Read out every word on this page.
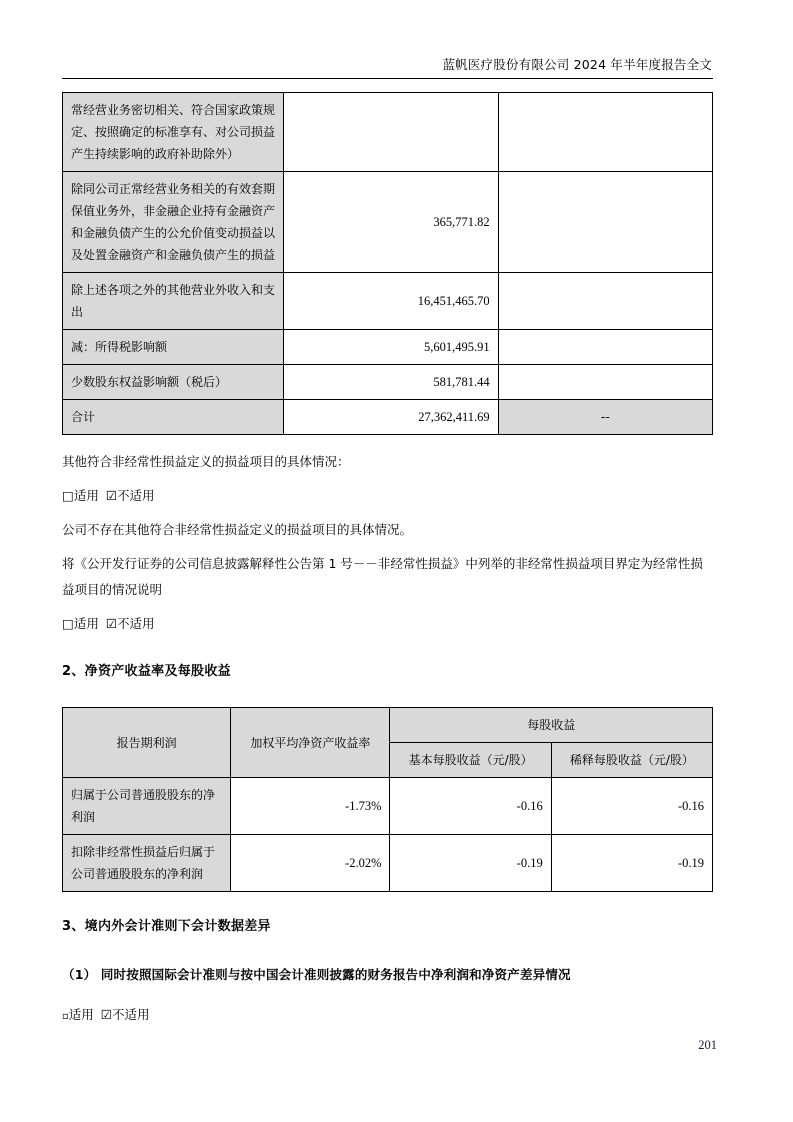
蓝帆医疗股份有限公司 2024 年半年度报告全文
常经营业务密切相关、符合国家政策规定、按照确定的标准享有、对公司损益产生持续影响的政府补助除外）		
除同公司正常经营业务相关的有效套期保值业务外，非金融企业持有金融资产和金融负债产生的公允价值变动损益以及处置金融资产和金融负债产生的损益	365,771.82	
除上述各项之外的其他营业外收入和支出	16,451,465.70	
减：所得税影响额	5,601,495.91	
少数股东权益影响额（税后）	581,781.44	
合计	27,362,411.69	--

其他符合非经常性损益定义的损益项目的具体情况：

□适用 ☑不适用

公司不存在其他符合非经常性损益定义的损益项目的具体情况。

将《公开发行证券的公司信息披露解释性公告第 1 号－－非经常性损益》中列举的非经常性损益项目界定为经常性损益项目的情况说明

□适用 ☑不适用
2、净资产收益率及每股收益
报告期利润	加权平均净资产收益率	每股收益	
		基本每股收益（元/股）	稀释每股收益（元/股）
归属于公司普通股股东的净利润	-1.73%	-0.16	-0.16
扣除非经常性损益后归属于公司普通股股东的净利润	-2.02%	-0.19	-0.19
3、境内外会计准则下会计数据差异
（1） 同时按照国际会计准则与按中国会计准则披露的财务报告中净利润和净资产差异情况
▫适用 ☑不适用
201
